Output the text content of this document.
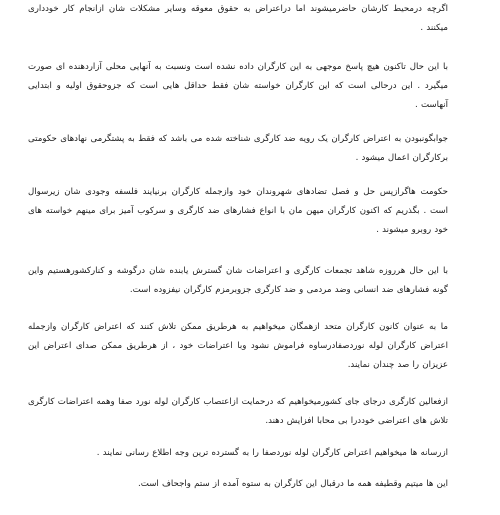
اگرچه درمحیط کارشان حاضرمیشوند اما دراعتراض به حقوق معوقه وسایر مشکلات شان ازانجام کار خودداری میکنند .

با این حال تاکنون هیچ پاسخ موجهی به این کارگران داده نشده است ونسبت به آنهایی محلی آزاردهنده ای صورت میگیرد . این درحالی است که این کارگران خواسته شان فقط حداقل هایی است که جزوحقوق اولیه و ابتدایی آنهاست .

جوابگونبودن به اعتراض کارگران یک رویه ضد کارگری شناخته شده می باشد که فقط به پشتگرمی نهادهای حکومتی برکارگران اعمال میشود .

حکومت هاگرازپس حل و فصل تضادهای شهروندان خود وازجمله کارگران برنیایند فلسفه وجودی شان زیرسوال است . بگذریم که اکنون کارگران میهن مان با انواع فشارهای ضد کارگری و سرکوب آمیز برای مینهم خواسته های خود روبرو میشوند .

با این حال هرروزه شاهد تجمعات کارگری و اعتراضات شان گسترش یابنده شان درگوشه و کنارکشورهستیم واین گونه فشارهای ضد انسانی وضد مردمی و ضد کارگری جزوبرمزم کارگران نیفزوده است.

ما به عنوان کانون کارگران متحد ازهمگان میخواهیم به هرطریق ممکن تلاش کنند که اعتراض کارگران وازجمله اعتراض کارگران لوله نوردصفادرساوه فراموش نشود وبا اعتراضات خود ، از هرطریق ممکن صدای اعتراض این عزیزان را صد چندان نمایند.

ازفعالین کارگری درجای جای کشورمیخواهیم که درحمایت ازاعتصاب کارگران لوله نورد صفا وهمه اعتراضات کارگری تلاش های اعتراضی خوددرا بی محابا افزایش دهند.

ازرسانه ها میخواهیم اعتراض کارگران لوله نوردصفا را به گسترده ترین وجه اطلاع رسانی نمایند .

این ها میتیم وقطیفه همه ما درقبال این کارگران به ستوه آمده از ستم واجحاف است.
